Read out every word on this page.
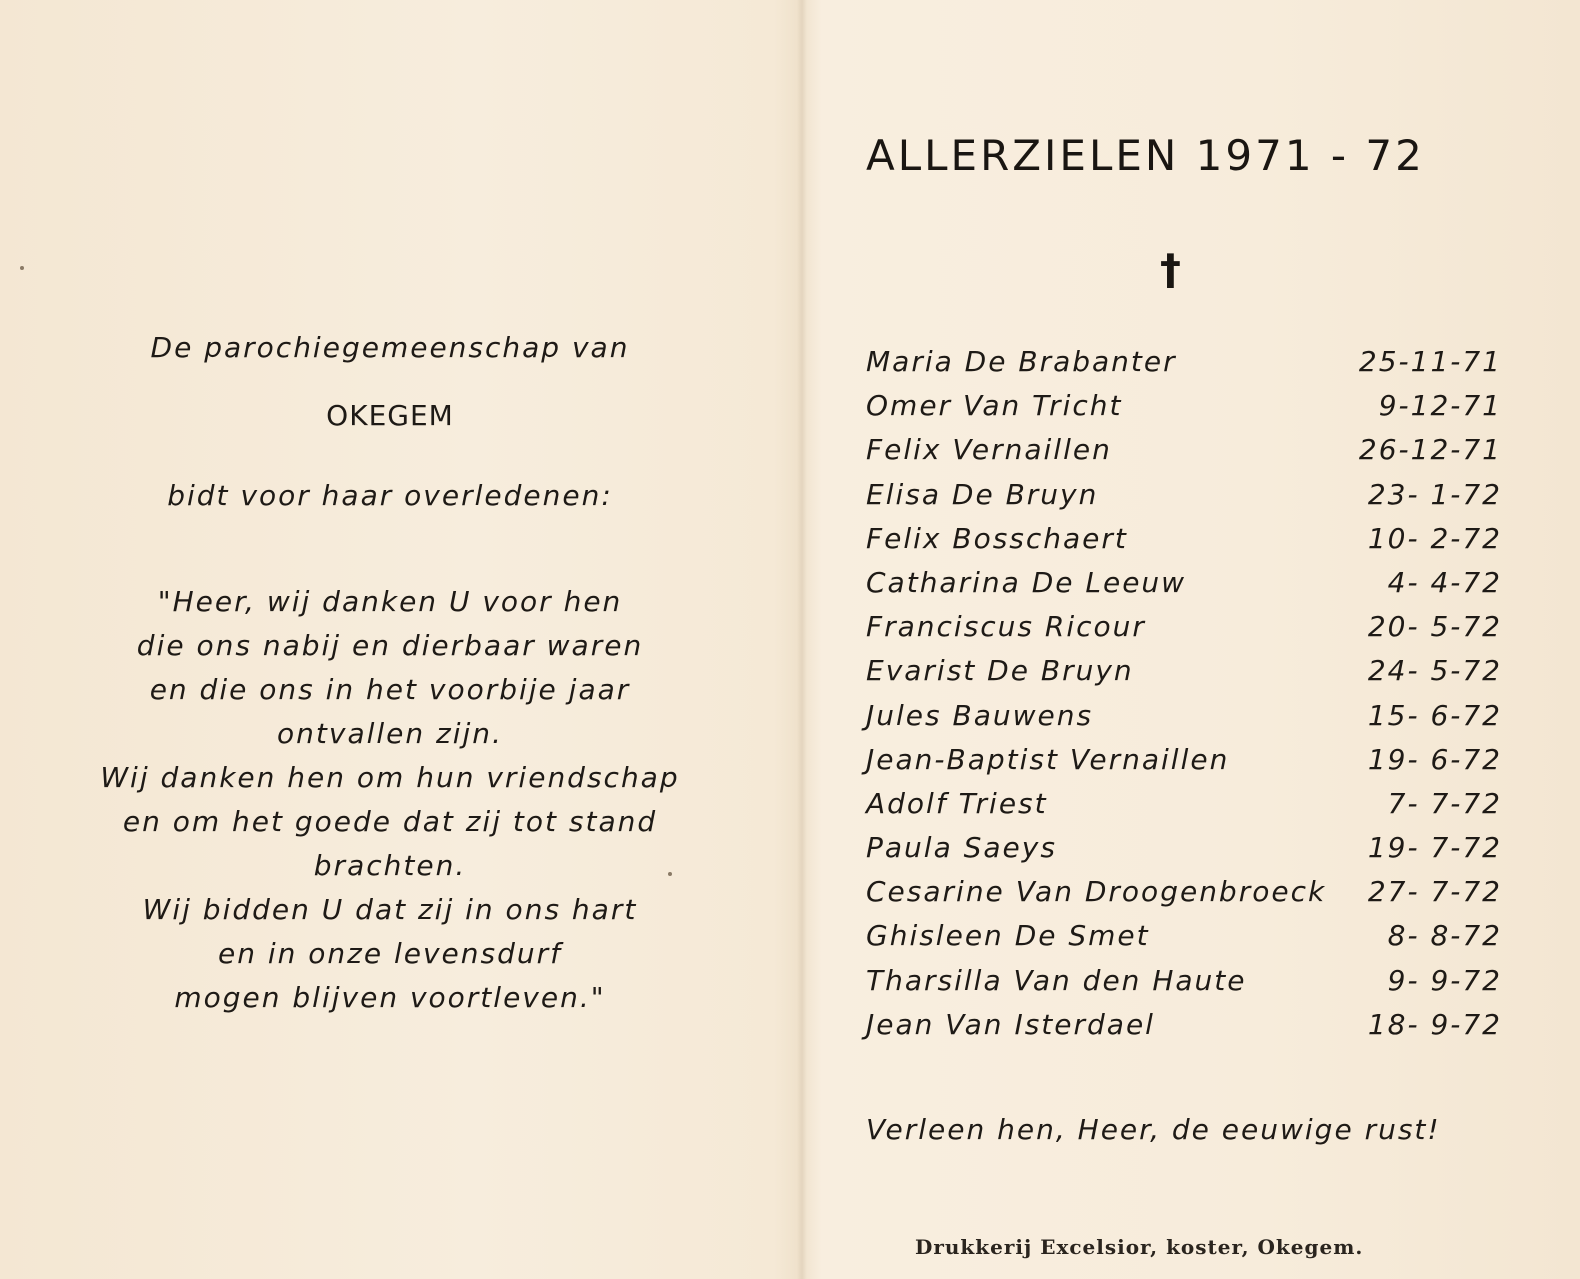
De parochiegemeenschap van
OKEGEM
bidt voor haar overledenen:
"Heer, wij danken U voor hen
die ons nabij en dierbaar waren
en die ons in het voorbije jaar
ontvallen zijn.
Wij danken hen om hun vriendschap
en om het goede dat zij tot stand
brachten.
Wij bidden U dat zij in ons hart
en in onze levensdurf
mogen blijven voortleven."
ALLERZIELEN 1971 - 72
†
Maria De Brabanter	25-11-71
Omer Van Tricht	9-12-71
Felix Vernaillen	26-12-71
Elisa De Bruyn	23- 1-72
Felix Bosschaert	10- 2-72
Catharina De Leeuw	4- 4-72
Franciscus Ricour	20- 5-72
Evarist De Bruyn	24- 5-72
Jules Bauwens	15- 6-72
Jean-Baptist Vernaillen	19- 6-72
Adolf Triest	7- 7-72
Paula Saeys	19- 7-72
Cesarine Van Droogenbroeck 27- 7-72
Ghisleen De Smet	8- 8-72
Tharsilla Van den Haute	9- 9-72
Jean Van Isterdael	18- 9-72
Verleen hen, Heer, de eeuwige rust!
Drukkerij Excelsior, koster, Okegem.
